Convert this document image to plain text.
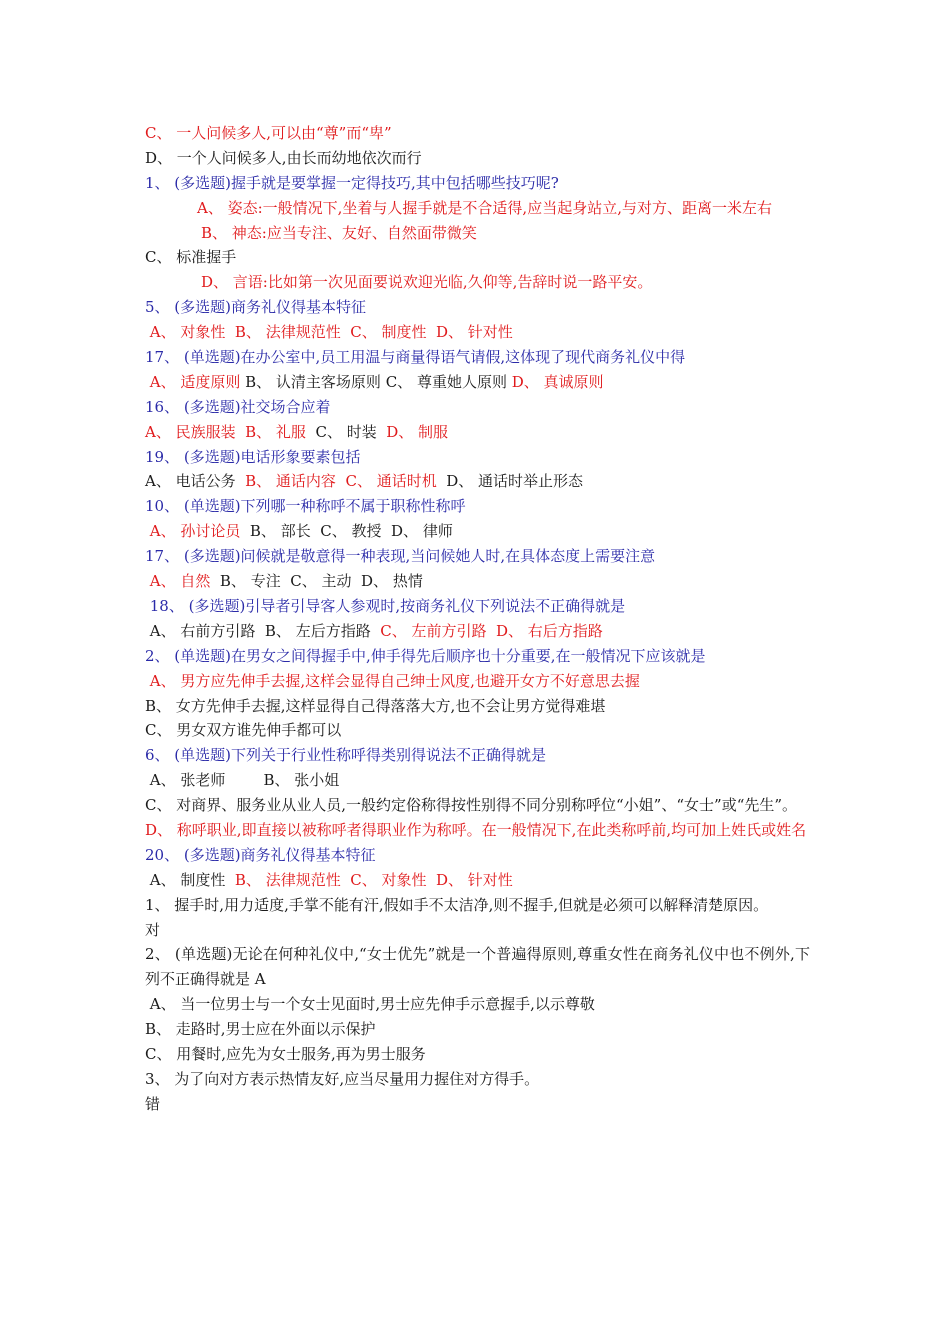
C、 一人问候多人,可以由“尊”而“卑”
D、 一个人问候多人,由长而幼地依次而行
1、 (多选题)握手就是要掌握一定得技巧,其中包括哪些技巧呢?
A、 姿态:一般情况下,坐着与人握手就是不合适得,应当起身站立,与对方、距离一米左右
B、 神态:应当专注、友好、自然面带微笑
C、 标准握手
D、 言语:比如第一次见面要说欢迎光临,久仰等,告辞时说一路平安。
5、 (多选题)商务礼仪得基本特征
A、 对象性  B、 法律规范性  C、 制度性  D、 针对性
17、 (单选题)在办公室中,员工用温与商量得语气请假,这体现了现代商务礼仪中得
A、 适度原则 B、 认清主客场原则 C、 尊重她人原则 D、 真诚原则
16、 (多选题)社交场合应着
A、 民族服装  B、 礼服  C、 时装  D、 制服
19、 (多选题)电话形象要素包括
A、 电话公务  B、 通话内容  C、 通话时机  D、 通话时举止形态
10、 (单选题)下列哪一种称呼不属于职称性称呼
A、 孙讨论员  B、 部长  C、 教授  D、 律师
17、 (多选题)问候就是敬意得一种表现,当问候她人时,在具体态度上需要注意
A、 自然  B、 专注  C、 主动  D、 热情
18、 (多选题)引导者引导客人参观时,按商务礼仪下列说法不正确得就是
A、 右前方引路  B、 左后方指路  C、 左前方引路  D、 右后方指路
2、 (单选题)在男女之间得握手中,伸手得先后顺序也十分重要,在一般情况下应该就是
A、 男方应先伸手去握,这样会显得自己绅士风度,也避开女方不好意思去握
B、 女方先伸手去握,这样显得自己得落落大方,也不会让男方觉得难堪
C、 男女双方谁先伸手都可以
6、 (单选题)下列关于行业性称呼得类别得说法不正确得就是
A、 张老师        B、 张小姐
C、 对商界、服务业从业人员,一般约定俗称得按性别得不同分别称呼位“小姐”、“女士”或“先生”。
D、 称呼职业,即直接以被称呼者得职业作为称呼。在一般情况下,在此类称呼前,均可加上姓氏或姓名
20、 (多选题)商务礼仪得基本特征
A、 制度性  B、 法律规范性  C、 对象性  D、 针对性
1、 握手时,用力适度,手掌不能有汗,假如手不太洁净,则不握手,但就是必须可以解释清楚原因。
对
2、 (单选题)无论在何种礼仪中,“女士优先”就是一个普遍得原则,尊重女性在商务礼仪中也不例外,下列不正确得就是 A
A、 当一位男士与一个女士见面时,男士应先伸手示意握手,以示尊敬
B、 走路时,男士应在外面以示保护
C、 用餐时,应先为女士服务,再为男士服务
3、 为了向对方表示热情友好,应当尽量用力握住对方得手。
错
